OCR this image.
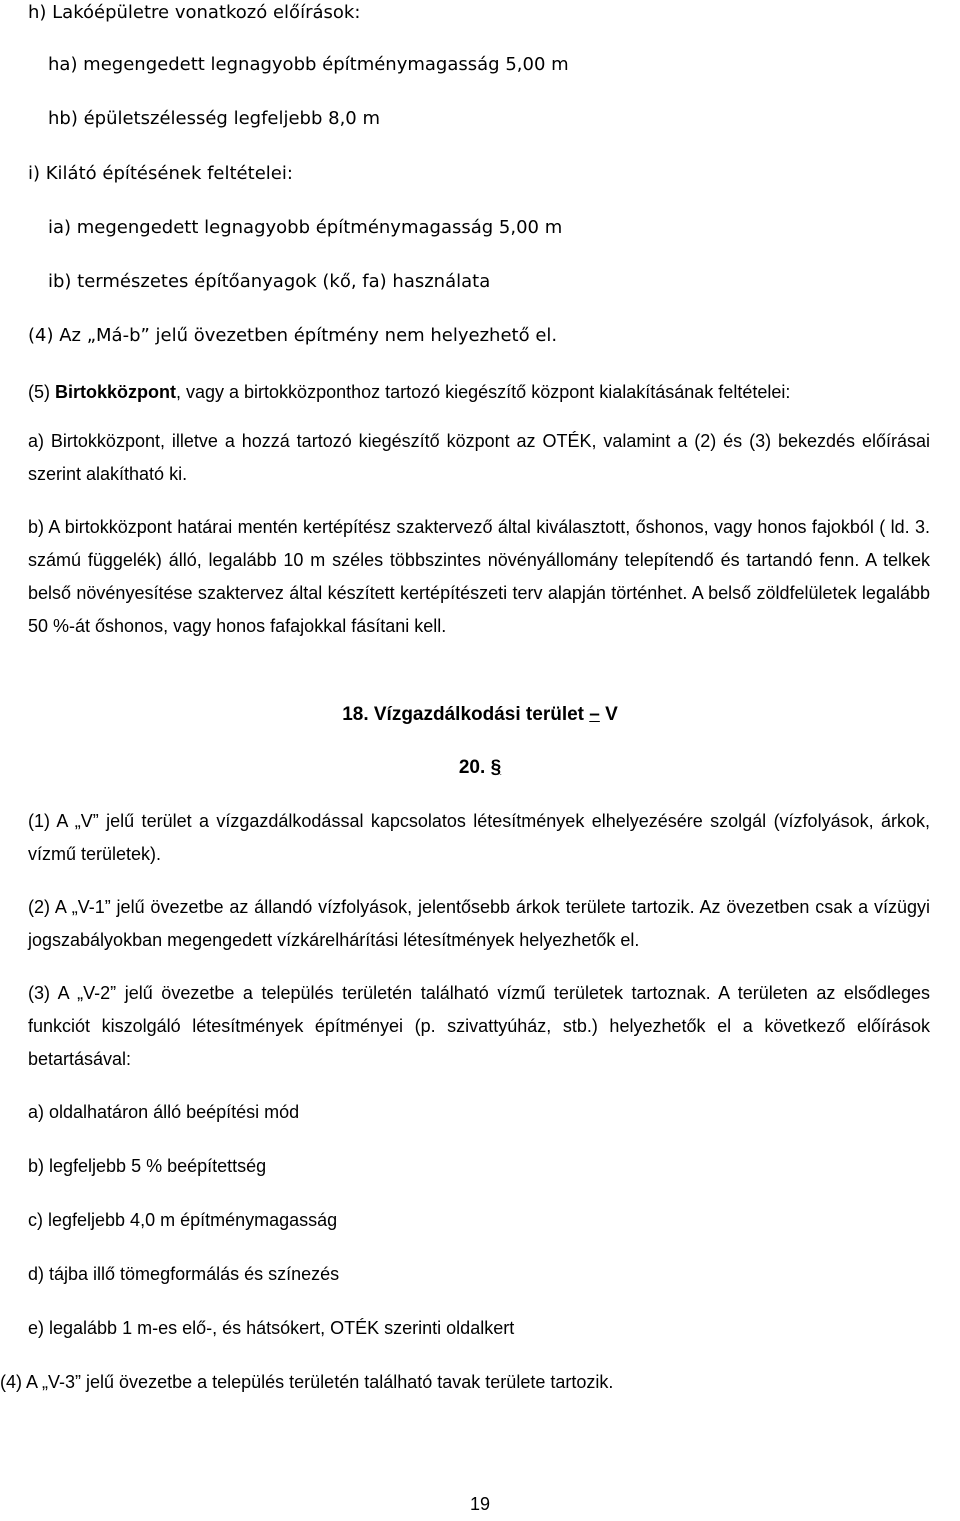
h) Lakóépületre vonatkozó előírások:

ha) megengedett legnagyobb építménymagasság 5,00 m

hb) épületszélesség legfeljebb 8,0 m

i) Kilátó építésének feltételei:

ia) megengedett legnagyobb építménymagasság 5,00 m

ib) természetes építőanyagok (kő, fa) használata

(4) Az „Má-b” jelű övezetben építmény nem helyezhető el.

(5) Birtokközpont, vagy a birtokközponthoz tartozó kiegészítő központ kialakításának feltételei:

a) Birtokközpont, illetve a hozzá tartozó kiegészítő központ az OTÉK, valamint a (2) és (3) bekezdés előírásai szerint alakítható ki.

b) A birtokközpont határai mentén kertépítész szaktervező által kiválasztott, őshonos, vagy honos fajokból ( ld. 3. számú függelék) álló, legalább 10 m széles többszintes növényállomány telepítendő és tartandó fenn. A telkek belső növényesítése szaktervez által készített kertépítészeti terv alapján történhet. A belső zöldfelületek legalább 50 %-át őshonos, vagy honos fafajokkal fásítani kell.

18. Vízgazdálkodási terület – V

20. §

(1) A „V” jelű terület a vízgazdálkodással kapcsolatos létesítmények elhelyezésére szolgál (vízfolyások, árkok, vízmű területek).

(2) A „V-1” jelű övezetbe az állandó vízfolyások, jelentősebb árkok területe tartozik. Az övezetben csak a vízügyi jogszabályokban megengedett vízkárelhárítási létesítmények helyezhetők el.

(3) A „V-2” jelű övezetbe a település területén található vízmű területek tartoznak. A területen az elsődleges funkciót kiszolgáló létesítmények építményei (p. szivattyúház, stb.) helyezhetők el a következő előírások betartásával:

a) oldalhatáron álló beépítési mód

b) legfeljebb 5 % beépítettség

c) legfeljebb 4,0 m építménymagasság

d) tájba illő tömegformálás és színezés

e) legalább 1 m-es elő-, és hátsókert, OTÉK szerinti oldalkert

(4) A „V-3” jelű övezetbe a település területén található tavak területe tartozik.

19
